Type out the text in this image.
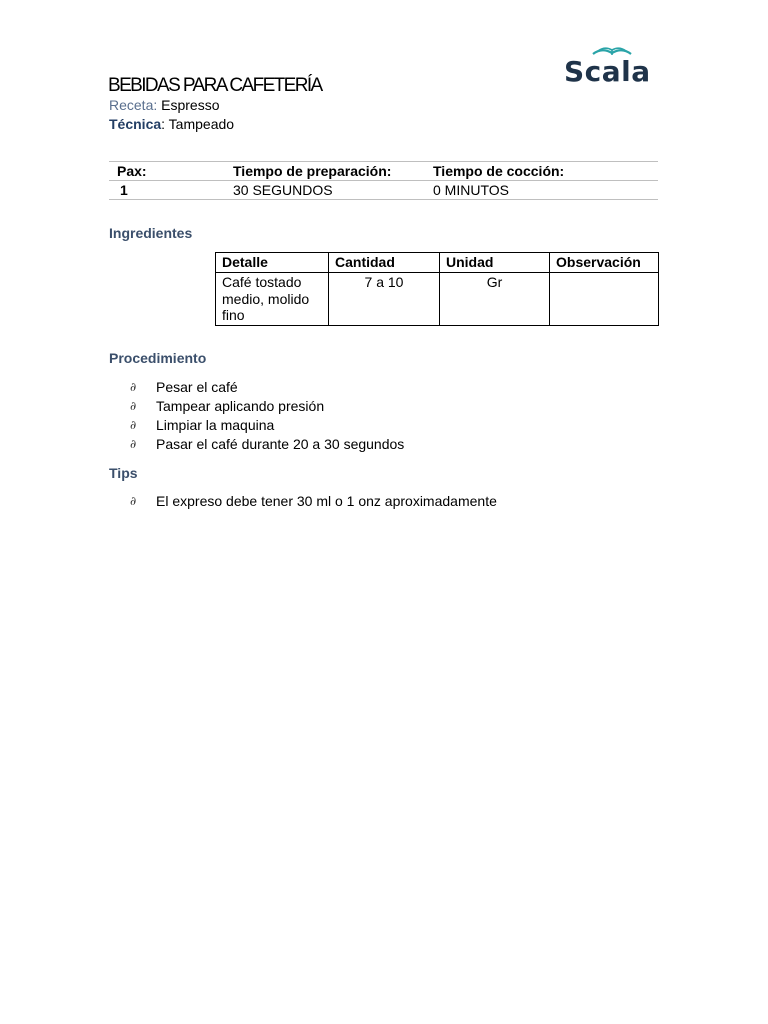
BEBIDAS PARA CAFETERÍA	Scala
Receta: Espresso
Técnica: Tampeado
Pax:	Tiempo de preparación:	Tiempo de cocción:
1	30 SEGUNDOS	0 MINUTOS
Ingredientes
Detalle	Cantidad	Unidad	Observación
Café tostado medio, molido fino	7 a 10	Gr	
Procedimiento
∂ Pesar el café
∂ Tampear aplicando presión
∂ Limpiar la maquina
∂ Pasar el café durante 20 a 30 segundos
Tips
∂ El expreso debe tener 30 ml o 1 onz aproximadamente
